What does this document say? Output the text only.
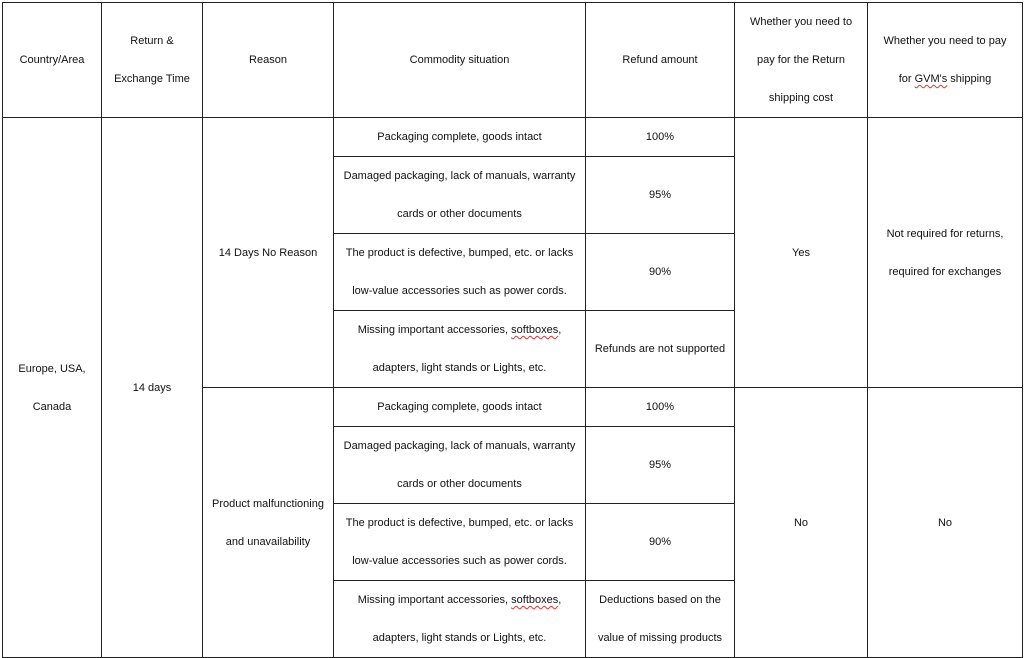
Country/Area	Return & Exchange Time	Reason	Commodity situation	Refund amount	Whether you need to pay for the Return shipping cost	Whether you need to pay for GVM's shipping
Europe, USA, Canada	14 days	14 Days No Reason	Packaging complete, goods intact	100%	Yes	Not required for returns, required for exchanges
			Damaged packaging, lack of manuals, warranty cards or other documents	95%		
			The product is defective, bumped, etc. or lacks low-value accessories such as power cords.	90%		
			Missing important accessories, softboxes, adapters, light stands or Lights, etc.	Refunds are not supported		
		Product malfunctioning and unavailability	Packaging complete, goods intact	100%	No	No
			Damaged packaging, lack of manuals, warranty cards or other documents	95%		
			The product is defective, bumped, etc. or lacks low-value accessories such as power cords.	90%		
			Missing important accessories, softboxes, adapters, light stands or Lights, etc.	Deductions based on the value of missing products		
